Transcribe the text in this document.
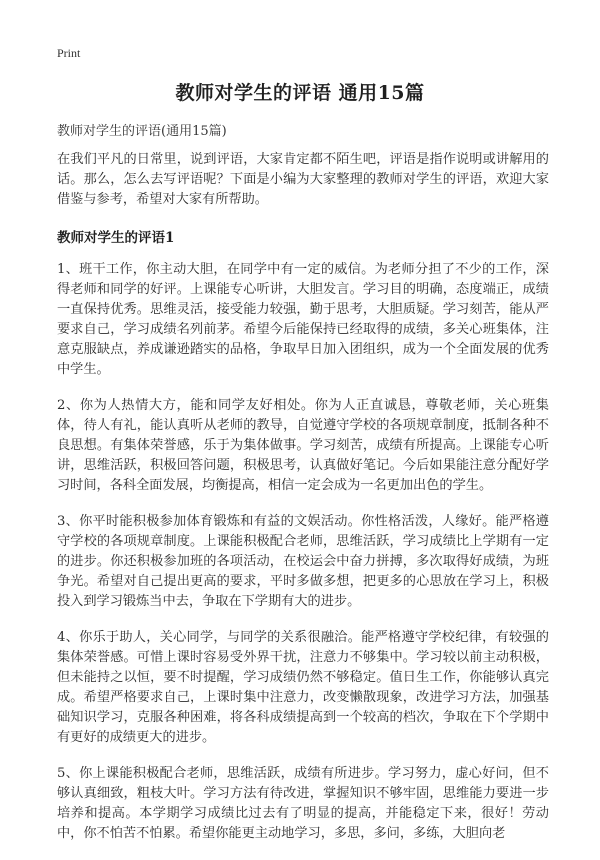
Print
教师对学生的评语 通用15篇
教师对学生的评语(通用15篇)

在我们平凡的日常里，说到评语，大家肯定都不陌生吧，评语是指作说明或讲解用的话。那么，怎么去写评语呢？下面是小编为大家整理的教师对学生的评语，欢迎大家借鉴与参考，希望对大家有所帮助。

教师对学生的评语1

1、班干工作，你主动大胆，在同学中有一定的威信。为老师分担了不少的工作，深得老师和同学的好评。上课能专心听讲，大胆发言。学习目的明确，态度端正，成绩一直保持优秀。思维灵活，接受能力较强，勤于思考，大胆质疑。学习刻苦，能从严要求自己，学习成绩名列前茅。希望今后能保持已经取得的成绩，多关心班集体，注意克服缺点，养成谦逊踏实的品格，争取早日加入团组织，成为一个全面发展的优秀中学生。

2、你为人热情大方，能和同学友好相处。你为人正直诚恳，尊敬老师，关心班集体，待人有礼，能认真听从老师的教导，自觉遵守学校的各项规章制度，抵制各种不良思想。有集体荣誉感，乐于为集体做事。学习刻苦，成绩有所提高。上课能专心听讲，思维活跃，积极回答问题，积极思考，认真做好笔记。今后如果能注意分配好学习时间，各科全面发展，均衡提高，相信一定会成为一名更加出色的学生。

3、你平时能积极参加体育锻炼和有益的文娱活动。你性格活泼，人缘好。能严格遵守学校的各项规章制度。上课能积极配合老师，思维活跃，学习成绩比上学期有一定的进步。你还积极参加班的各项活动，在校运会中奋力拼搏，多次取得好成绩，为班争光。希望对自己提出更高的要求，平时多做多想，把更多的心思放在学习上，积极投入到学习锻炼当中去，争取在下学期有大的进步。

4、你乐于助人，关心同学，与同学的关系很融洽。能严格遵守学校纪律，有较强的集体荣誉感。可惜上课时容易受外界干扰，注意力不够集中。学习较以前主动积极，但未能持之以恒，要不时提醒，学习成绩仍然不够稳定。值日生工作，你能够认真完成。希望严格要求自己，上课时集中注意力，改变懒散现象，改进学习方法，加强基础知识学习，克服各种困难，将各科成绩提高到一个较高的档次，争取在下个学期中有更好的成绩更大的进步。

5、你上课能积极配合老师，思维活跃，成绩有所进步。学习努力，虚心好问，但不够认真细致，粗枝大叶。学习方法有待改进，掌握知识不够牢固，思维能力要进一步培养和提高。本学期学习成绩比过去有了明显的提高，并能稳定下来，很好！劳动中，你不怕苦不怕累。希望你能更主动地学习，多思，多问，多练，大胆向老
